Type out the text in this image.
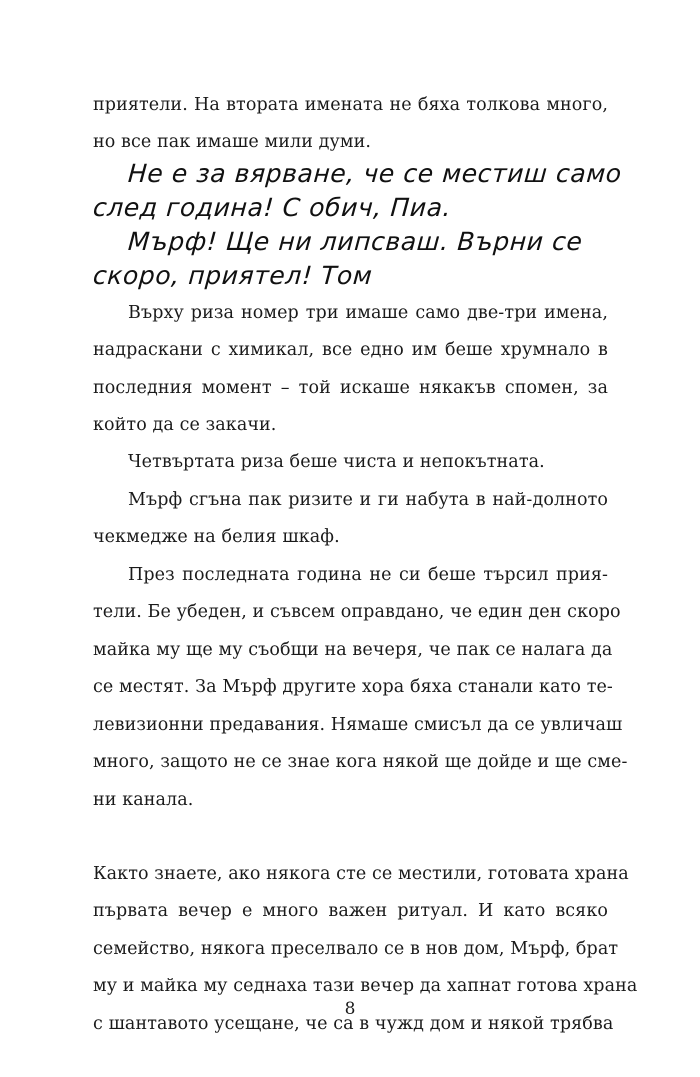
приятели. На втората имената не бяха толкова много,
но все пак имаше мили думи.
Не е за вярване, че се местиш само
след година! С обич, Пиа.
Мърф! Ще ни липсваш. Върни се
скоро, приятел! Том
Върху риза номер три имаше само две-три имена,
надраскани с химикал, все едно им беше хрумнало в
последния момент – той искаше някакъв спомен, за
който да се закачи.
Четвъртата риза беше чиста и непокътната.
Мърф сгъна пак ризите и ги набута в най-долното
чекмедже на белия шкаф.
През последната година не си беше търсил прия-
тели. Бе убеден, и съвсем оправдано, че един ден скоро
майка му ще му съобщи на вечеря, че пак се налага да
се местят. За Мърф другите хора бяха станали като те-
левизионни предавания. Нямаше смисъл да се увличаш
много, защото не се знае кога някой ще дойде и ще сме-
ни канала.
Както знаете, ако някога сте се местили, готовата храна
първата вечер е много важен ритуал. И като всяко
семейство, някога преселвало се в нов дом, Мърф, брат
му и майка му седнаха тази вечер да хапнат готова храна
с шантавото усещане, че са в чужд дом и някой трябва
8
